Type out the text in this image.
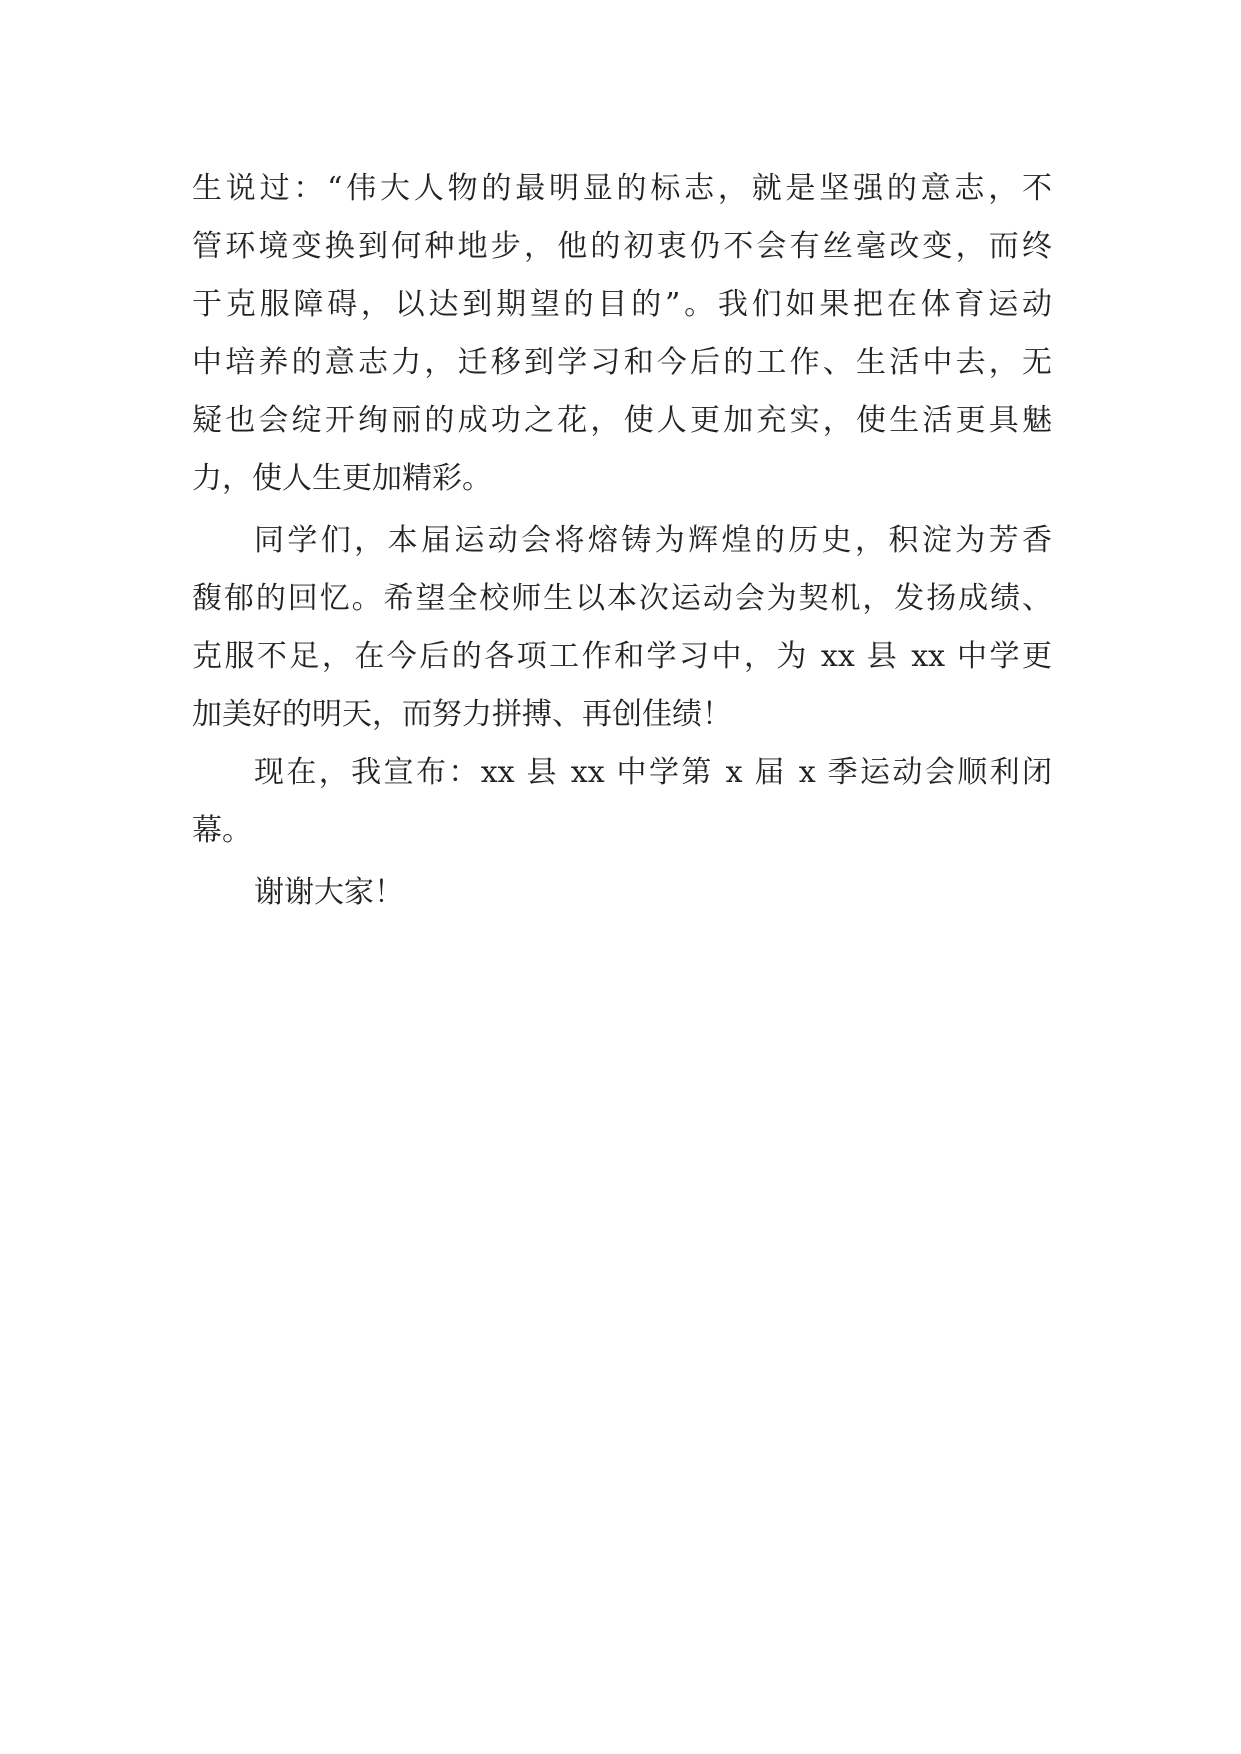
生说过：“伟大人物的最明显的标志，就是坚强的意志，不
管环境变换到何种地步，他的初衷仍不会有丝毫改变，而终
于克服障碍，以达到期望的目的”。我们如果把在体育运动
中培养的意志力，迁移到学习和今后的工作、生活中去，无
疑也会绽开绚丽的成功之花，使人更加充实，使生活更具魅
力，使人生更加精彩。
同学们，本届运动会将熔铸为辉煌的历史，积淀为芳香
馥郁的回忆。希望全校师生以本次运动会为契机，发扬成绩、
克服不足，在今后的各项工作和学习中，为 xx 县 xx 中学更
加美好的明天，而努力拼搏、再创佳绩！
现在，我宣布：xx 县 xx 中学第 x 届 x 季运动会顺利闭
幕。
谢谢大家！
